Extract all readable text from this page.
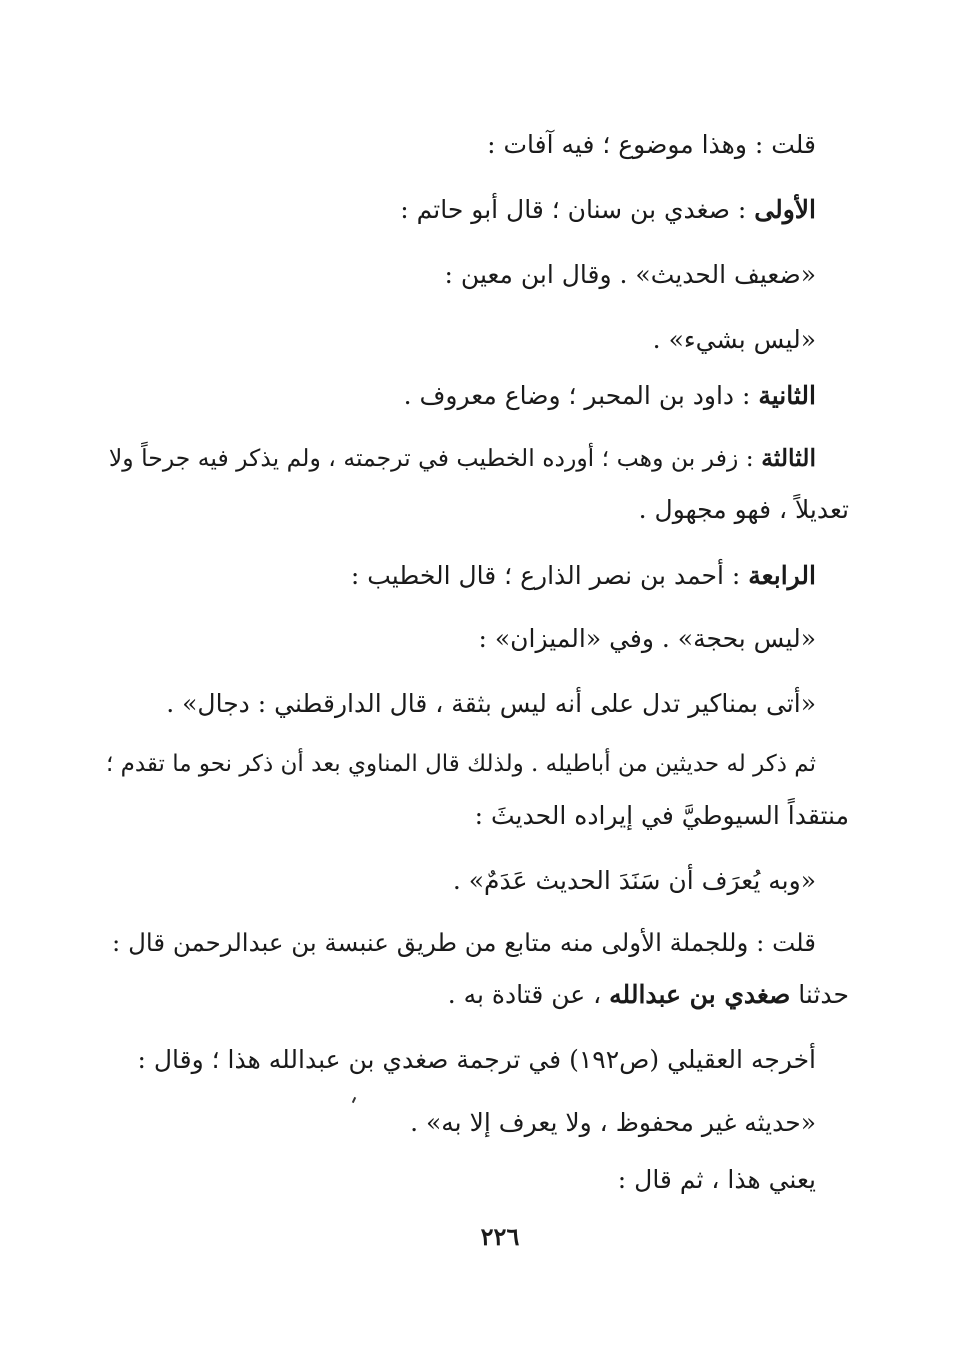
قلت : وهذا موضوع ؛ فيه آفات :
الأولى : صغدي بن سنان ؛ قال أبو حاتم :
«ضعيف الحديث» . وقال ابن معين :
«ليس بشيء» .
الثانية : داود بن المحبر ؛ وضاع معروف .
الثالثة : زفر بن وهب ؛ أورده الخطيب في ترجمته ، ولم يذكر فيه جرحاً ولا
تعديلاً ، فهو مجهول .
الرابعة : أحمد بن نصر الذارع ؛ قال الخطيب :
«ليس بحجة» . وفي «الميزان» :
«أتى بمناكير تدل على أنه ليس بثقة ، قال الدارقطني : دجال» .
ثم ذكر له حديثين من أباطيله . ولذلك قال المناوي بعد أن ذكر نحو ما تقدم ؛
منتقداً السيوطيَّ في إيراده الحديثَ :
«وبه يُعرَف أن سَنَدَ الحديث عَدَمٌ» .
قلت : وللجملة الأولى منه متابع من طريق عنبسة بن عبدالرحمن قال :
حدثنا صغدي بن عبدالله ، عن قتادة به .
أخرجه العقيلي (ص١٩٢) في ترجمة صغدي بن عبدالله هذا ؛ وقال :
«حديثه غير محفوظ ، ولا يعرف إلا به» .
يعني هذا ، ثم قال :
٢٢٦
